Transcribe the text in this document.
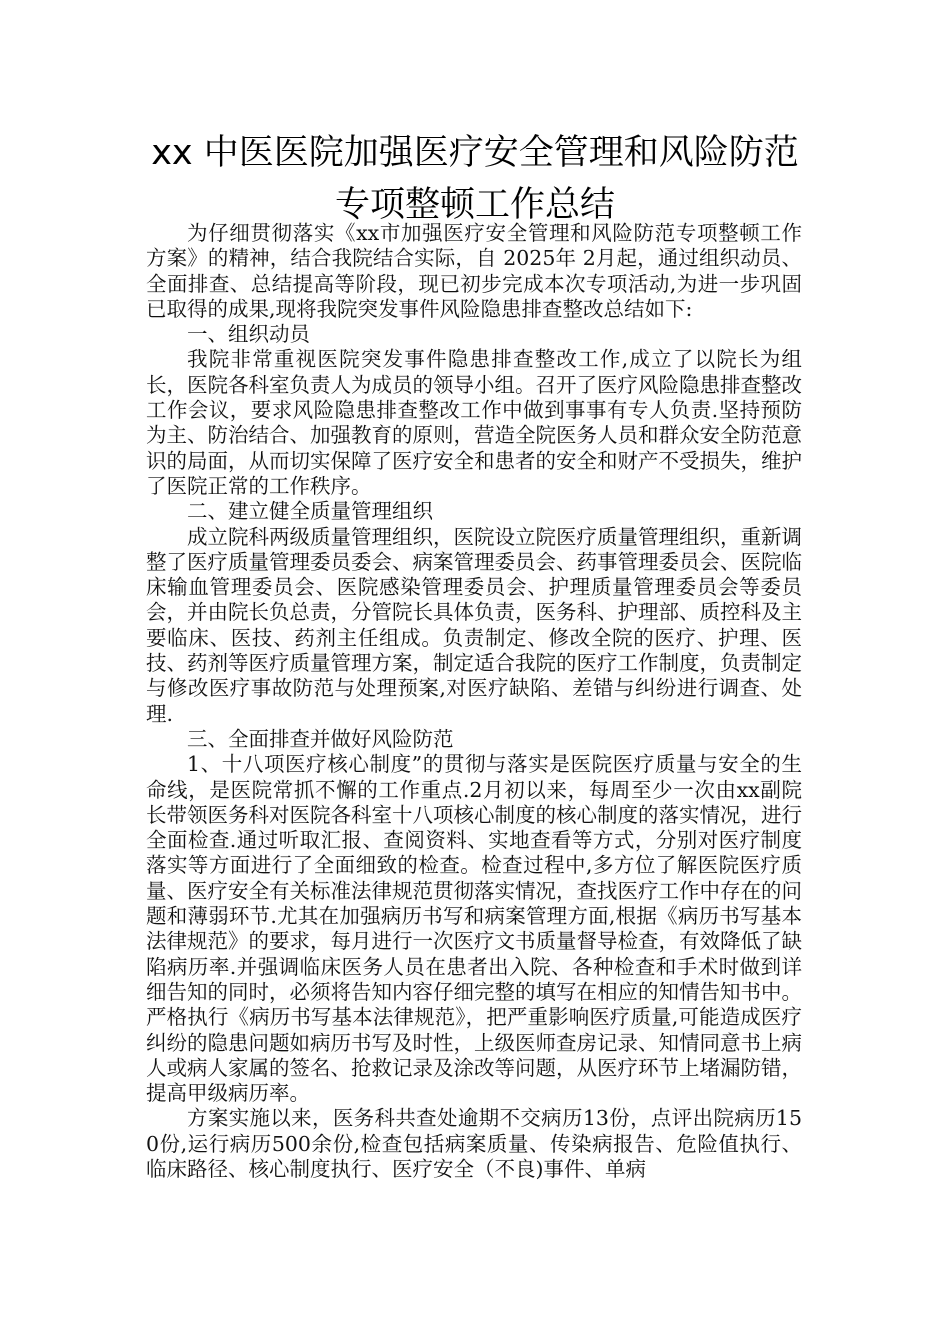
xx 中医医院加强医疗安全管理和风险防范
专项整顿工作总结

为仔细贯彻落实《xx市加强医疗安全管理和风险防范专项整顿工作方案》的精神，结合我院结合实际，自 2025年 2月起，通过组织动员、全面排查、总结提高等阶段，现已初步完成本次专项活动,为进一步巩固已取得的成果,现将我院突发事件风险隐患排查整改总结如下:

一、组织动员

我院非常重视医院突发事件隐患排查整改工作,成立了以院长为组长，医院各科室负责人为成员的领导小组。召开了医疗风险隐患排查整改工作会议，要求风险隐患排查整改工作中做到事事有专人负责.坚持预防为主、防治结合、加强教育的原则，营造全院医务人员和群众安全防范意识的局面，从而切实保障了医疗安全和患者的安全和财产不受损失，维护了医院正常的工作秩序。

二、建立健全质量管理组织

成立院科两级质量管理组织，医院设立院医疗质量管理组织，重新调整了医疗质量管理委员委会、病案管理委员会、药事管理委员会、医院临床输血管理委员会、医院感染管理委员会、护理质量管理委员会等委员会，并由院长负总责，分管院长具体负责，医务科、护理部、质控科及主要临床、医技、药剂主任组成。负责制定、修改全院的医疗、护理、医技、药剂等医疗质量管理方案，制定适合我院的医疗工作制度，负责制定与修改医疗事故防范与处理预案,对医疗缺陷、差错与纠纷进行调查、处理.

三、全面排查并做好风险防范

1、十八项医疗核心制度”的贯彻与落实是医院医疗质量与安全的生命线，是医院常抓不懈的工作重点.2月初以来，每周至少一次由xx副院长带领医务科对医院各科室十八项核心制度的核心制度的落实情况，进行全面检查.通过听取汇报、查阅资料、实地查看等方式，分别对医疗制度落实等方面进行了全面细致的检查。检查过程中,多方位了解医院医疗质量、医疗安全有关标准法律规范贯彻落实情况，查找医疗工作中存在的问题和薄弱环节.尤其在加强病历书写和病案管理方面,根据《病历书写基本法律规范》的要求，每月进行一次医疗文书质量督导检查，有效降低了缺陷病历率.并强调临床医务人员在患者出入院、各种检查和手术时做到详细告知的同时，必须将告知内容仔细完整的填写在相应的知情告知书中。严格执行《病历书写基本法律规范》，把严重影响医疗质量,可能造成医疗纠纷的隐患问题如病历书写及时性，上级医师查房记录、知情同意书上病人或病人家属的签名、抢救记录及涂改等问题，从医疗环节上堵漏防错，提高甲级病历率。

方案实施以来，医务科共查处逾期不交病历13份，点评出院病历150份,运行病历500余份,检查包括病案质量、传染病报告、危险值执行、临床路径、核心制度执行、医疗安全（不良)事件、单病
